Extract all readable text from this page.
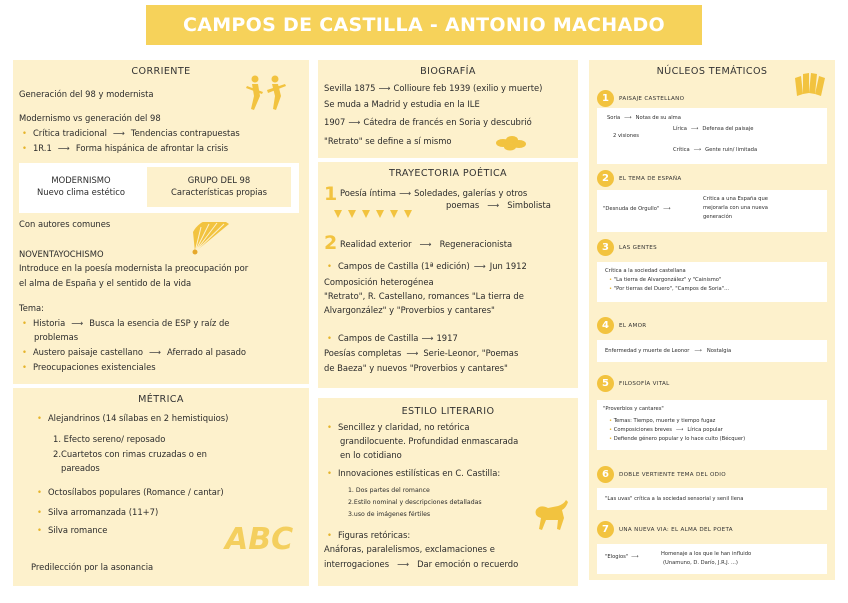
CAMPOS DE CASTILLA - ANTONIO MACHADO
CORRIENTE
Generación del 98 y modernista
Modernismo vs generación del 98
• Crítica tradicional ⟶ Tendencias contrapuestas
• 1R.1 ⟶ Forma hispánica de afrontar la crisis
MODERNISMO
Nuevo clima estético
GRUPO DEL 98
Características propias
Con autores comunes
NOVENTAYOCHISMO
Introduce en la poesía modernista la preocupación por
el alma de España y el sentido de la vida
Tema:
• Historia ⟶ Busca la esencia de ESP y raíz de
problemas
• Austero paisaje castellano ⟶ Aferrado al pasado
• Preocupaciones existenciales
MÉTRICA
• Alejandrinos (14 sílabas en 2 hemistiquios)
1. Efecto sereno/ reposado
2.Cuartetos con rimas cruzadas o en
pareados
• Octosílabos populares (Romance / cantar)
• Silva arromanzada (11+7)
• Silva romance	ABC
Predilección por la asonancia
BIOGRAFÍA
Sevilla 1875 ⟶ Collioure feb 1939 (exilio y muerte)
Se muda a Madrid y estudia en la ILE
1907 ⟶ Cátedra de francés en Soria y descubrió
"Retrato" se define a sí mismo
TRAYECTORIA POÉTICA
1 Poesía íntima ⟶ Soledades, galerías y otros
poemas ⟶ Simbolista
2 Realidad exterior ⟶ Regeneracionista
• Campos de Castilla (1ª edición) ⟶ Jun 1912
Composición heterogénea
"Retrato", R. Castellano, romances "La tierra de
Alvargonzález" y "Proverbios y cantares"
• Campos de Castilla ⟶ 1917
Poesías completas ⟶ Serie-Leonor, "Poemas
de Baeza" y nuevos "Proverbios y cantares"
ESTILO LITERARIO
• Sencillez y claridad, no retórica
grandilocuente. Profundidad enmascarada
en lo cotidiano
• Innovaciones estilísticas en C. Castilla:
1. Dos partes del romance
2.Estilo nominal y descripciones detalladas
3.uso de imágenes fértiles
• Figuras retóricas:
Anáforas, paralelismos, exclamaciones e
interrogaciones ⟶ Dar emoción o recuerdo
NÚCLEOS TEMÁTICOS
1	PAISAJE CASTELLANO
Soria ⟶ Notas de su alma
2 visiones
Lírica ⟶ Defensa del paisaje
Crítica ⟶ Gente ruin/ limitada
2	EL TEMA DE ESPAÑA
"Desnuda de Orgullo" ⟶
Critica a una España que
mejorarla con una nueva
generación
3	LAS GENTES
Crítica a la sociedad castellana
• "La tierra de Alvargonzález" y "Cainismo"
• "Por tierras del Duero", "Campos de Soria"...
4	EL AMOR
Enfermedad y muerte de Leonor ⟶ Nostalgia
5	FILOSOFÍA VITAL
"Proverbios y cantares"
• Temas: Tiempo, muerte y tiempo fugaz
• Composiciones breves ⟶ Lírica popular
• Defiende género popular y lo hace culto (Bécquer)
6	DOBLE VERTIENTE TEMA DEL ODIO
"Las uvas" crítica a la sociedad sensorial y senil llena
7	UNA NUEVA VIA: EL ALMA DEL POETA
"Elogios" ⟶	Homenaje a los que le han influido
(Unamuno, D. Darío, J.R.J. ...)
